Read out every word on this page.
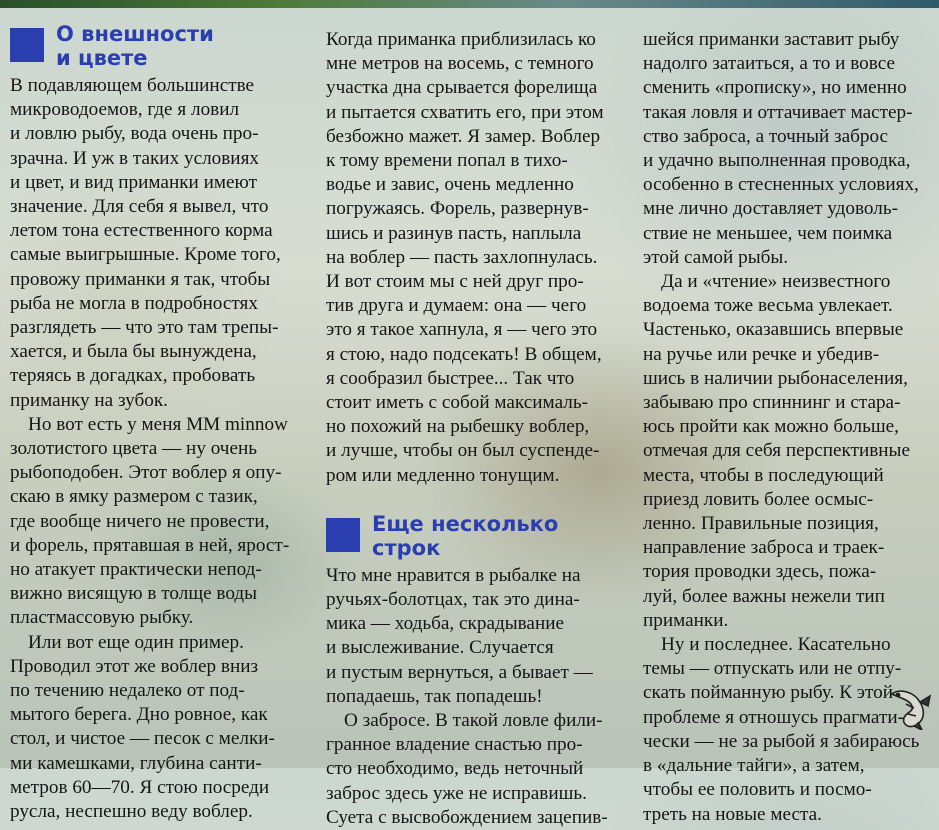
О внешности
и цвете
В подавляющем большинстве
микроводоемов, где я ловил
и ловлю рыбу, вода очень про-
зрачна. И уж в таких условиях
и цвет, и вид приманки имеют
значение. Для себя я вывел, что
летом тона естественного корма
самые выигрышные. Кроме того,
провожу приманки я так, чтобы
рыба не могла в подробностях
разглядеть — что это там трепы-
хается, и была бы вынуждена,
теряясь в догадках, пробовать
приманку на зубок.
Но вот есть у меня MM minnow
золотистого цвета — ну очень
рыбоподобен. Этот воблер я опу-
скаю в ямку размером с тазик,
где вообще ничего не провести,
и форель, прятавшая в ней, ярост-
но атакует практически непод-
вижно висящую в толще воды
пластмассовую рыбку.
Или вот еще один пример.
Проводил этот же воблер вниз
по течению недалеко от под-
мытого берега. Дно ровное, как
стол, и чистое — песок с мелки-
ми камешками, глубина санти-
метров 60—70. Я стою посреди
русла, неспешно веду воблер.
Когда приманка приблизилась ко
мне метров на восемь, с темного
участка дна срывается форелища
и пытается схватить его, при этом
безбожно мажет. Я замер. Воблер
к тому времени попал в тихо-
водье и завис, очень медленно
погружаясь. Форель, развернув-
шись и разинув пасть, наплыла
на воблер — пасть захлопнулась.
И вот стоим мы с ней друг про-
тив друга и думаем: она — чего
это я такое хапнула, я — чего это
я стою, надо подсекать! В общем,
я сообразил быстрее... Так что
стоит иметь с собой максималь-
но похожий на рыбешку воблер,
и лучше, чтобы он был суспенде-
ром или медленно тонущим.
Еще несколько
строк
Что мне нравится в рыбалке на
ручьях-болотцах, так это дина-
мика — ходьба, скрадывание
и выслеживание. Случается
и пустым вернуться, а бывает —
попадаешь, так попадешь!
О забросе. В такой ловле фили-
гранное владение снастью про-
сто необходимо, ведь неточный
заброс здесь уже не исправишь.
Суета с высвобождением зацепив-
шейся приманки заставит рыбу
надолго затаиться, а то и вовсе
сменить «прописку», но именно
такая ловля и оттачивает мастер-
ство заброса, а точный заброс
и удачно выполненная проводка,
особенно в стесненных условиях,
мне лично доставляет удоволь-
ствие не меньшее, чем поимка
этой самой рыбы.
Да и «чтение» неизвестного
водоема тоже весьма увлекает.
Частенько, оказавшись впервые
на ручье или речке и убедив-
шись в наличии рыбонаселения,
забываю про спиннинг и стара-
юсь пройти как можно больше,
отмечая для себя перспективные
места, чтобы в последующий
приезд ловить более осмыс-
ленно. Правильные позиция,
направление заброса и траек-
тория проводки здесь, пожа-
луй, более важны нежели тип
приманки.
Ну и последнее. Касательно
темы — отпускать или не отпу-
скать пойманную рыбу. К этой
проблеме я отношусь прагмати-
чески — не за рыбой я забираюсь
в «дальние тайги», а затем,
чтобы ее половить и посмо-
треть на новые места.
